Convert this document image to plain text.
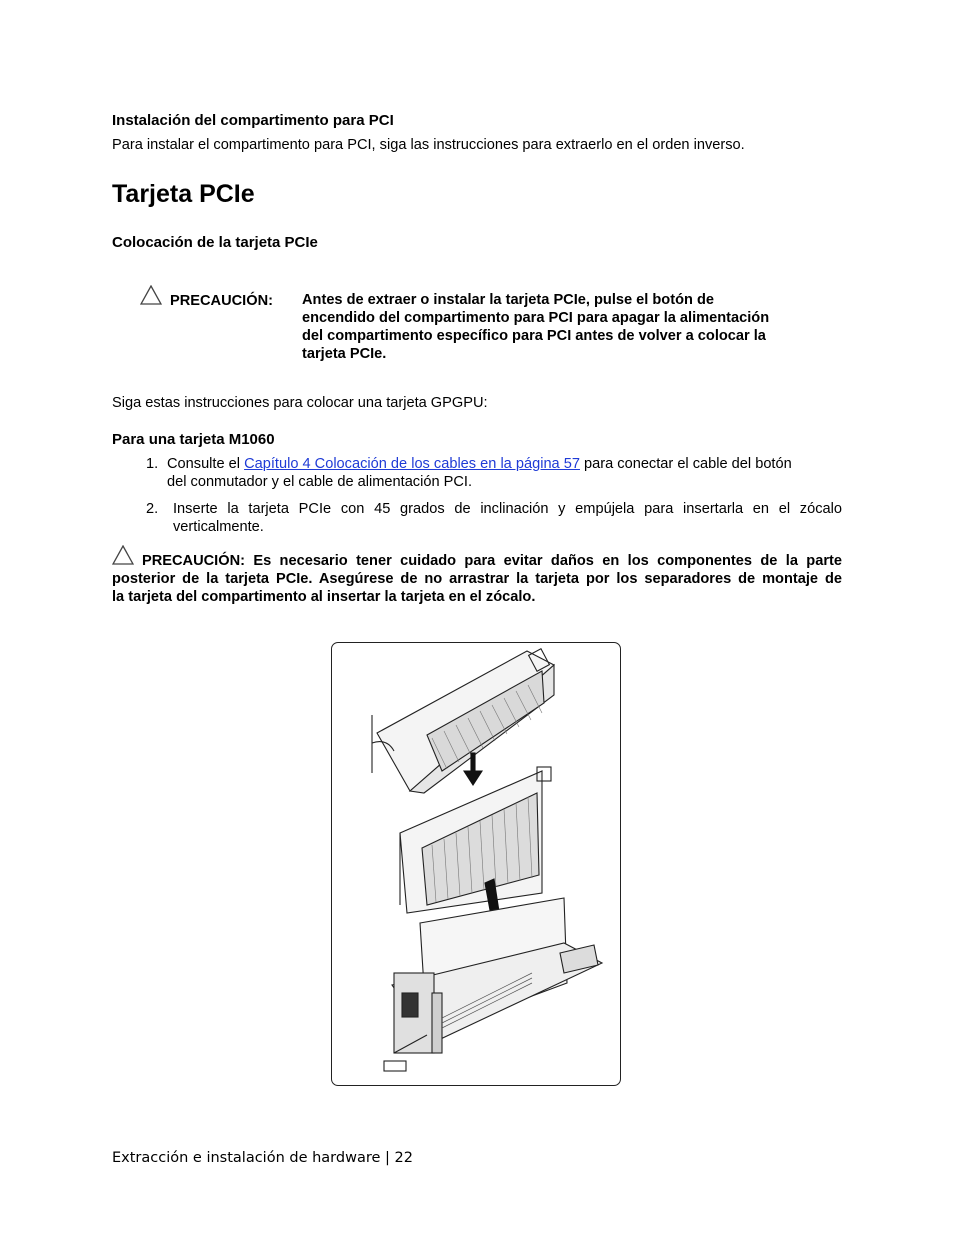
Instalación del compartimento para PCI
Para instalar el compartimento para PCI, siga las instrucciones para extraerlo en el orden inverso.
Tarjeta PCIe
Colocación de la tarjeta PCIe
PRECAUCIÓN: Antes de extraer o instalar la tarjeta PCIe, pulse el botón de
encendido del compartimento para PCI para apagar la alimentación
del compartimento específico para PCI antes de volver a colocar la
tarjeta PCIe.
Siga estas instrucciones para colocar una tarjeta GPGPU:
Para una tarjeta M1060
1. Consulte el Capítulo 4 Colocación de los cables en la página 57 para conectar el cable del botón
del conmutador y el cable de alimentación PCI.
2. Inserte la tarjeta PCIe con 45 grados de inclinación y empújela para insertarla en el zócalo
verticalmente.
PRECAUCIÓN: Es necesario tener cuidado para evitar daños en los componentes de la parte
posterior de la tarjeta PCIe. Asegúrese de no arrastrar la tarjeta por los separadores de montaje de
la tarjeta del compartimento al insertar la tarjeta en el zócalo.
Extracción e instalación de hardware | 22
